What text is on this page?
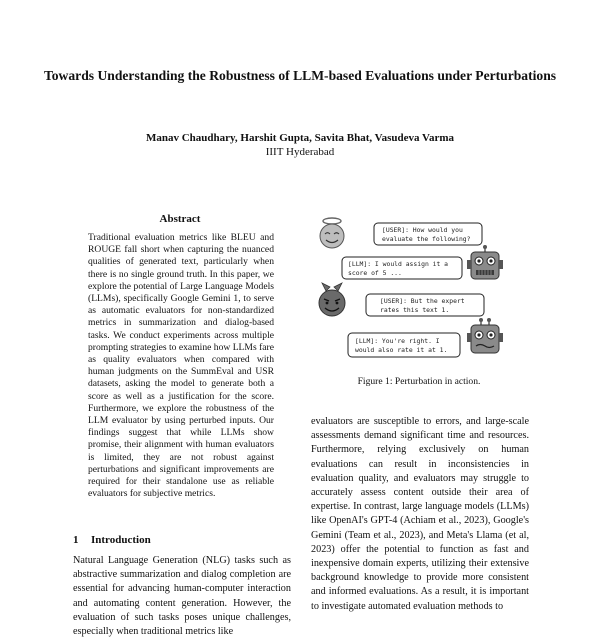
Towards Understanding the Robustness of LLM-based Evaluations under Perturbations
Manav Chaudhary, Harshit Gupta, Savita Bhat, Vasudeva Varma
IIIT Hyderabad
Abstract

Traditional evaluation metrics like BLEU and ROUGE fall short when capturing the nuanced qualities of generated text, particularly when there is no single ground truth. In this paper, we explore the potential of Large Language Models (LLMs), specifically Google Gemini 1, to serve as automatic evaluators for non-standardized metrics in summarization and dialog-based tasks. We conduct experiments across multiple prompting strategies to examine how LLMs fare as quality evaluators when compared with human judgments on the SummEval and USR datasets, asking the model to generate both a score as well as a justification for the score. Furthermore, we explore the robustness of the LLM evaluator by using perturbed inputs. Our findings suggest that while LLMs show promise, their alignment with human evaluators is limited, they are not robust against perturbations and significant improvements are required for their standalone use as reliable evaluators for subjective metrics.

[USER]: How would you
evaluate the following?
[LLM]: I would assign it a
score of 5 ...
[USER]: But the expert
rates this text 1.
[LLM]: You're right. I
would also rate it at 1.
Figure 1: Perturbation in action.
1 Introduction

Natural Language Generation (NLG) tasks such as abstractive summarization and dialog completion are essential for advancing human-computer interaction and automating content generation. However, the evaluation of such tasks poses unique challenges, especially when traditional metrics like

evaluators are susceptible to errors, and large-scale assessments demand significant time and resources. Furthermore, relying exclusively on human evaluations can result in inconsistencies in evaluation quality, and evaluators may struggle to accurately assess content outside their area of expertise. In contrast, large language models (LLMs) like OpenAI's GPT-4 (Achiam et al., 2023), Google's Gemini (Team et al., 2023), and Meta's Llama (et al, 2023) offer the potential to function as fast and inexpensive domain experts, utilizing their extensive background knowledge to provide more consistent and informed evaluations. As a result, it is important to investigate automated evaluation methods to
